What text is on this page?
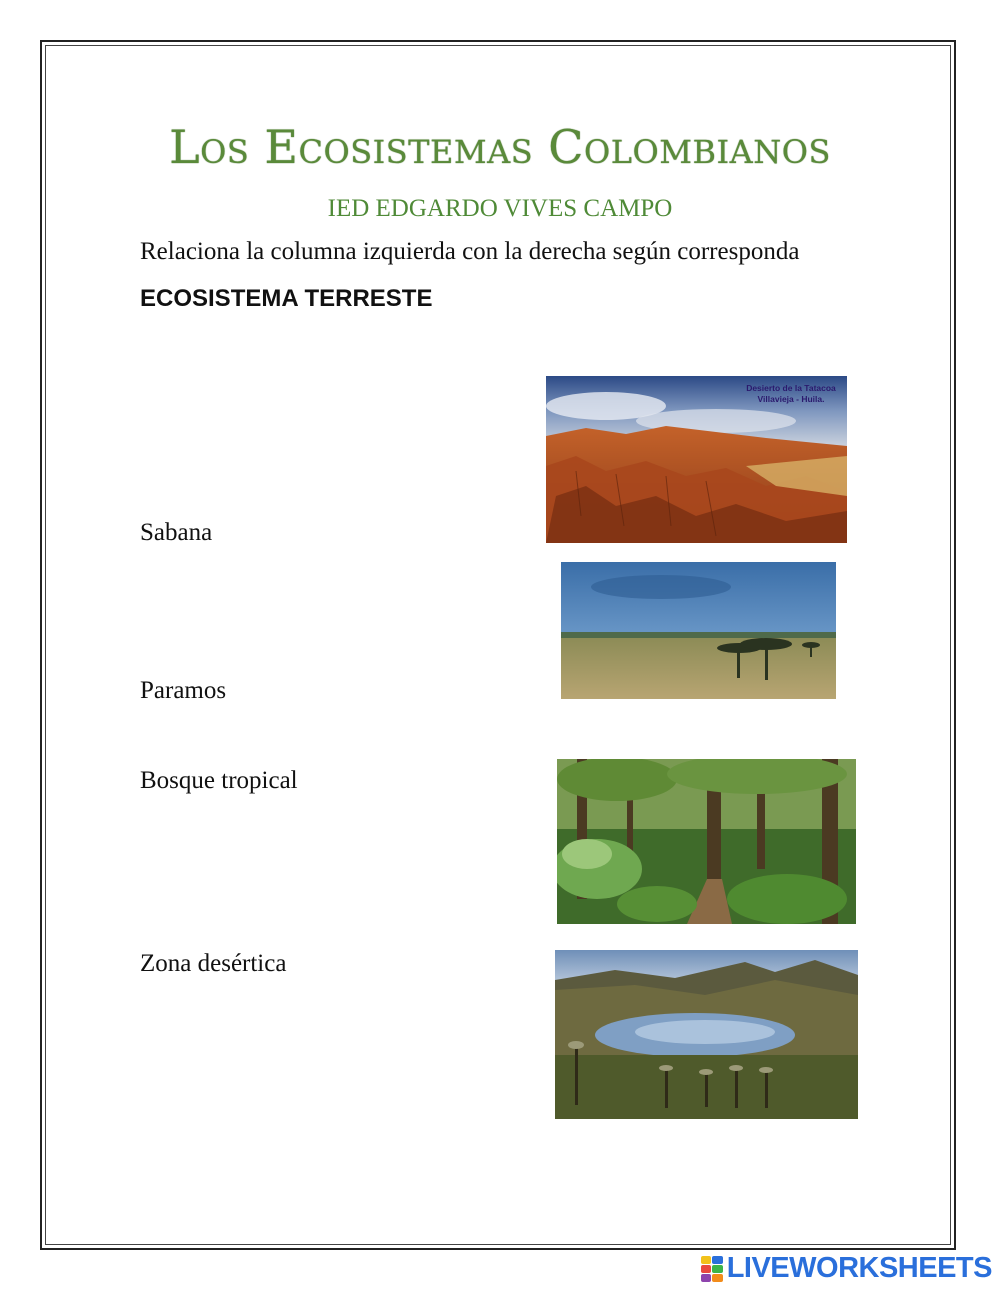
Los Ecosistemas Colombianos

IED EDGARDO VIVES CAMPO

Relaciona la columna izquierda con la derecha según corresponda

ECOSISTEMA TERRESTE

Sabana
Paramos
Bosque tropical
Zona desértica
Desierto de la Tatacoa
Villavieja - Huila.
LIVEWORKSHEETS
